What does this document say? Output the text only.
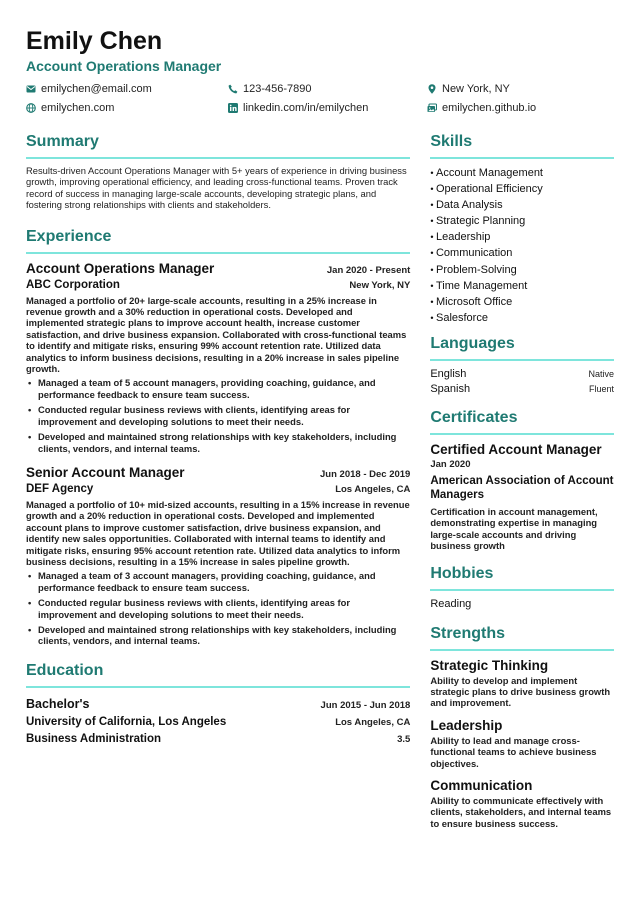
Emily Chen
Account Operations Manager
emilychen@email.com	123-456-7890	New York, NY
emilychen.com	linkedin.com/in/emilychen	emilychen.github.io
Summary
Results-driven Account Operations Manager with 5+ years of experience in driving business growth, improving operational efficiency, and leading cross-functional teams. Proven track record of success in managing large-scale accounts, developing strategic plans, and fostering strong relationships with clients and stakeholders.
Experience
Account Operations Manager	Jan 2020 - Present
ABC Corporation	New York, NY
Managed a portfolio of 20+ large-scale accounts, resulting in a 25% increase in revenue growth and a 30% reduction in operational costs. Developed and implemented strategic plans to improve account health, increase customer satisfaction, and drive business expansion. Collaborated with cross-functional teams to identify and mitigate risks, ensuring 99% account retention rate. Utilized data analytics to inform business decisions, resulting in a 20% increase in sales pipeline growth.
• Managed a team of 5 account managers, providing coaching, guidance, and performance feedback to ensure team success.
• Conducted regular business reviews with clients, identifying areas for improvement and developing solutions to meet their needs.
• Developed and maintained strong relationships with key stakeholders, including clients, vendors, and internal teams.
Senior Account Manager	Jun 2018 - Dec 2019
DEF Agency	Los Angeles, CA
Managed a portfolio of 10+ mid-sized accounts, resulting in a 15% increase in revenue growth and a 20% reduction in operational costs. Developed and implemented account plans to improve customer satisfaction, drive business expansion, and identify new sales opportunities. Collaborated with internal teams to identify and mitigate risks, ensuring 95% account retention rate. Utilized data analytics to inform business decisions, resulting in a 15% increase in sales pipeline growth.
• Managed a team of 3 account managers, providing coaching, guidance, and performance feedback to ensure team success.
• Conducted regular business reviews with clients, identifying areas for improvement and developing solutions to meet their needs.
• Developed and maintained strong relationships with key stakeholders, including clients, vendors, and internal teams.
Education
Bachelor's	Jun 2015 - Jun 2018
University of California, Los Angeles	Los Angeles, CA
Business Administration	3.5
Skills
• Account Management
• Operational Efficiency
• Data Analysis
• Strategic Planning
• Leadership
• Communication
• Problem-Solving
• Time Management
• Microsoft Office
• Salesforce
Languages
English	Native
Spanish	Fluent
Certificates
Certified Account Manager
Jan 2020
American Association of Account Managers
Certification in account management, demonstrating expertise in managing large-scale accounts and driving business growth
Hobbies
Reading
Strengths
Strategic Thinking
Ability to develop and implement strategic plans to drive business growth and improvement.
Leadership
Ability to lead and manage cross-functional teams to achieve business objectives.
Communication
Ability to communicate effectively with clients, stakeholders, and internal teams to ensure business success.
